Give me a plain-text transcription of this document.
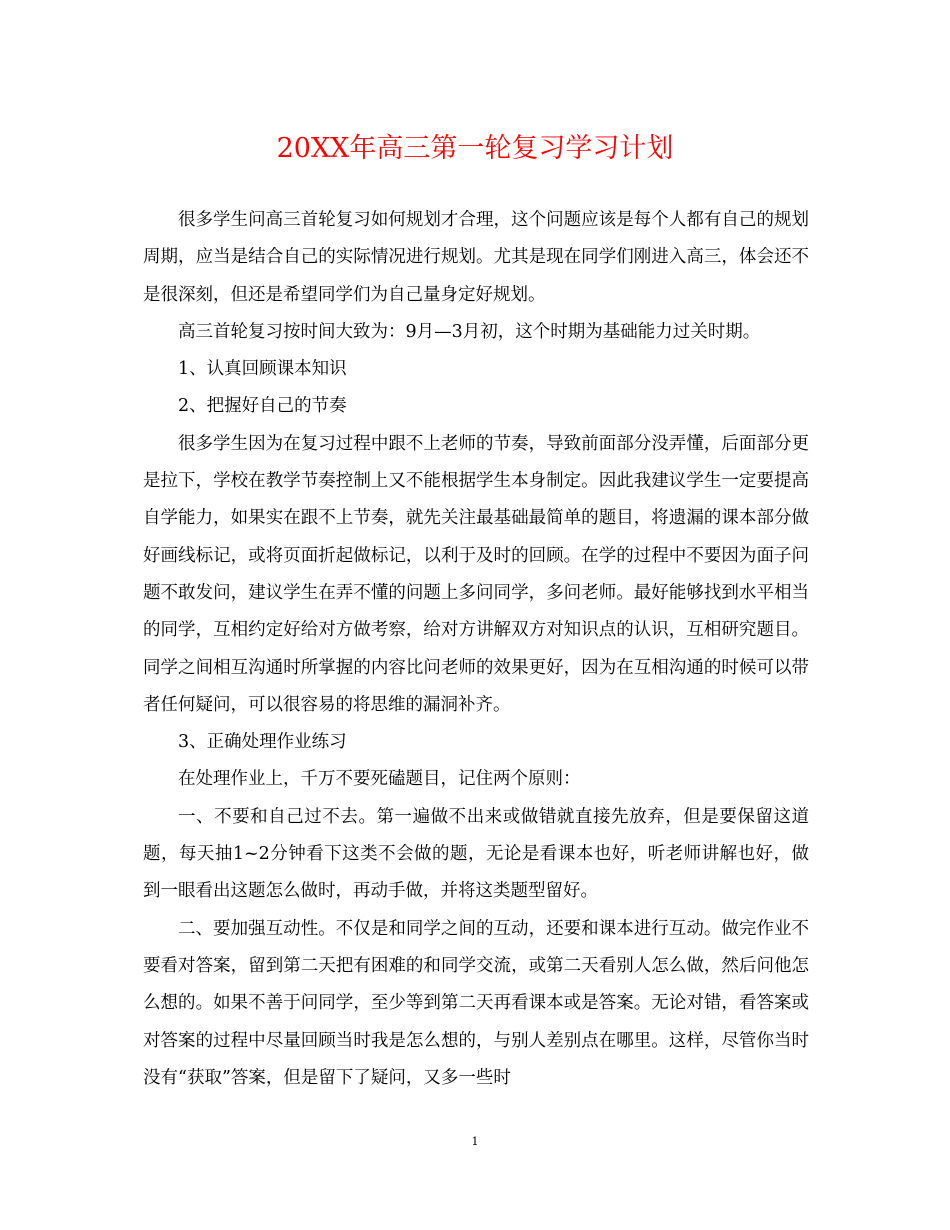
20XX年高三第一轮复习学习计划

很多学生问高三首轮复习如何规划才合理，这个问题应该是每个人都有自己的规划周期，应当是结合自己的实际情况进行规划。尤其是现在同学们刚进入高三，体会还不是很深刻，但还是希望同学们为自己量身定好规划。

高三首轮复习按时间大致为：9月—3月初，这个时期为基础能力过关时期。

1、认真回顾课本知识

2、把握好自己的节奏

很多学生因为在复习过程中跟不上老师的节奏，导致前面部分没弄懂，后面部分更是拉下，学校在教学节奏控制上又不能根据学生本身制定。因此我建议学生一定要提高自学能力，如果实在跟不上节奏，就先关注最基础最简单的题目，将遗漏的课本部分做好画线标记，或将页面折起做标记，以利于及时的回顾。在学的过程中不要因为面子问题不敢发问，建议学生在弄不懂的问题上多问同学，多问老师。最好能够找到水平相当的同学，互相约定好给对方做考察，给对方讲解双方对知识点的认识，互相研究题目。同学之间相互沟通时所掌握的内容比问老师的效果更好，因为在互相沟通的时候可以带者任何疑问，可以很容易的将思维的漏洞补齐。

3、正确处理作业练习

在处理作业上，千万不要死磕题目，记住两个原则：

一、不要和自己过不去。第一遍做不出来或做错就直接先放弃，但是要保留这道题，每天抽1~2分钟看下这类不会做的题，无论是看课本也好，听老师讲解也好，做到一眼看出这题怎么做时，再动手做，并将这类题型留好。

二、要加强互动性。不仅是和同学之间的互动，还要和课本进行互动。做完作业不要看对答案，留到第二天把有困难的和同学交流，或第二天看别人怎么做，然后问他怎么想的。如果不善于问同学，至少等到第二天再看课本或是答案。无论对错，看答案或对答案的过程中尽量回顾当时我是怎么想的，与别人差别点在哪里。这样，尽管你当时没有“获取”答案，但是留下了疑问，又多一些时

1
